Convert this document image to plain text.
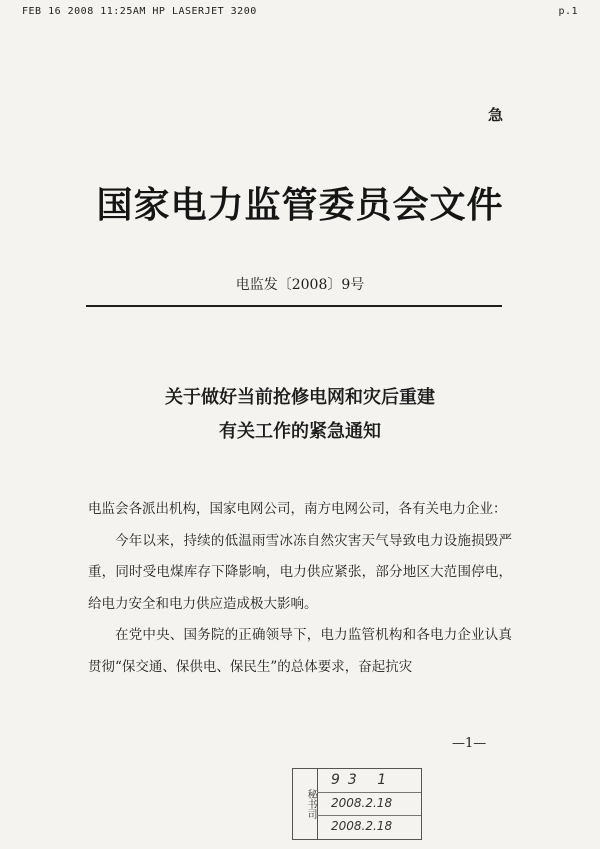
FEB 16 2008 11:25AM HP LASERJET 3200	p.1
急
国家电力监管委员会文件
电监发〔2008〕9号
关于做好当前抢修电网和灾后重建
有关工作的紧急通知

电监会各派出机构，国家电网公司，南方电网公司，各有关电力企业：

今年以来，持续的低温雨雪冰冻自然灾害天气导致电力设施损毁严重，同时受电煤库存下降影响，电力供应紧张，部分地区大范围停电，给电力安全和电力供应造成极大影响。

在党中央、国务院的正确领导下，电力监管机构和各电力企业认真贯彻“保交通、保供电、保民生”的总体要求，奋起抗灾

—1—
秘书司
93 1
2008.2.18
2008.2.18
